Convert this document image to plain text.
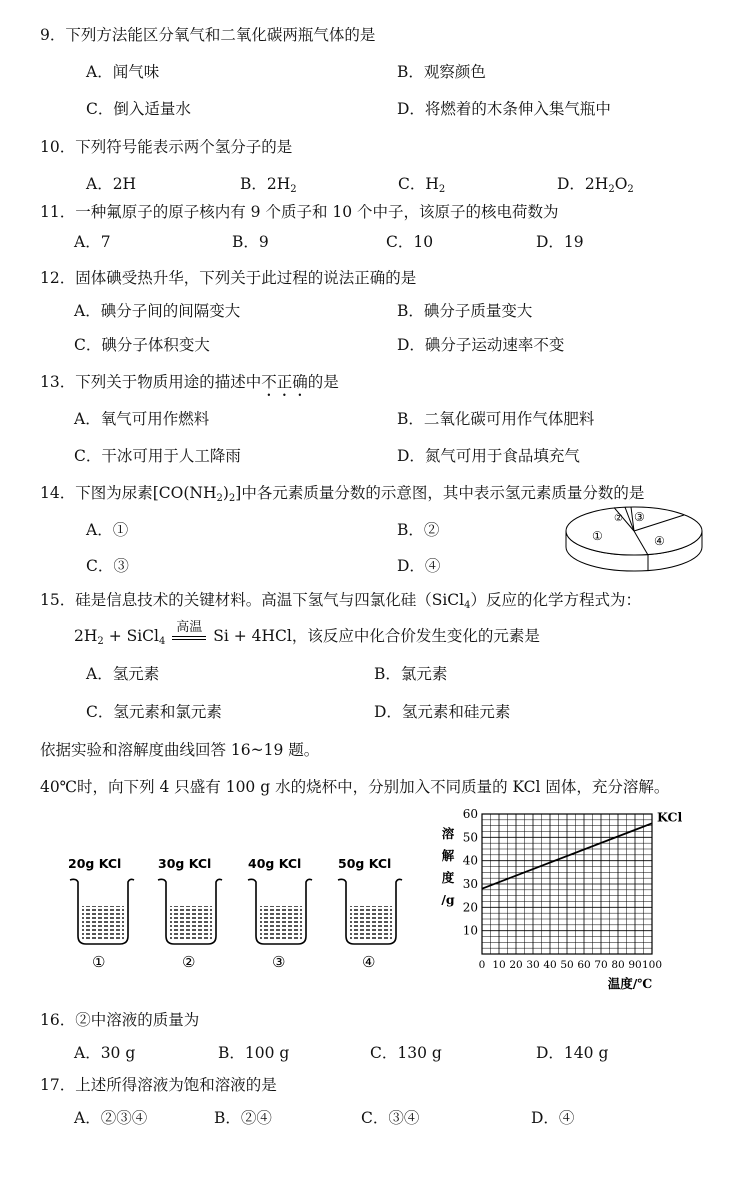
9．下列方法能区分氧气和二氧化碳两瓶气体的是
A．闻气味	B．观察颜色
C．倒入适量水	D．将燃着的木条伸入集气瓶中
10．下列符号能表示两个氢分子的是
A．2H	B．$2H_2$	C．$H_2$	D．$2H_2O_2$
11．一种氟原子的原子核内有 9 个质子和 10 个中子，该原子的核电荷数为
A．7	B．9	C．10	D．19
12．固体碘受热升华，下列关于此过程的说法正确的是
A．碘分子间的间隔变大	B．碘分子质量变大
C．碘分子体积变大	D．碘分子运动速率不变
13．下列关于物质用途的描述中不正确的是
A．氧气可用作燃料	B．二氧化碳可用作气体肥料
C．干冰可用于人工降雨	D．氮气可用于食品填充气
14．下图为尿素$[CO(NH_2)_2]$中各元素质量分数的示意图，其中表示氢元素质量分数的是
A．①	B．②
C．③	D．④
①
② ③
④
15．硅是信息技术的关键材料。高温下氢气与四氯化硅（SiCl$_4$）反应的化学方程式为：
$2H_2$ + SiCl$_4$
高温 Si + 4HCl，该反应中化合价发生变化的元素是
A．氢元素	B．氯元素
C．氢元素和氯元素	D．氢元素和硅元素
依据实验和溶解度曲线回答 16~19 题。
40℃时，向下列 4 只盛有 100 g 水的烧杯中，分别加入不同质量的 KCl 固体，充分溶解。
20g KCl
①
30g KCl
②
40g KCl
③
50g KCl
④
10
20
30
40
50
60
0 10 20 30 40 50 60 70 80 90 100
溶
解
度
/g
温度/℃
KCl
16．②中溶液的质量为
A．30 g	B．100 g	C．130 g	D．140 g
17．上述所得溶液为饱和溶液的是
A．②③④	B．②④	C．③④	D．④
